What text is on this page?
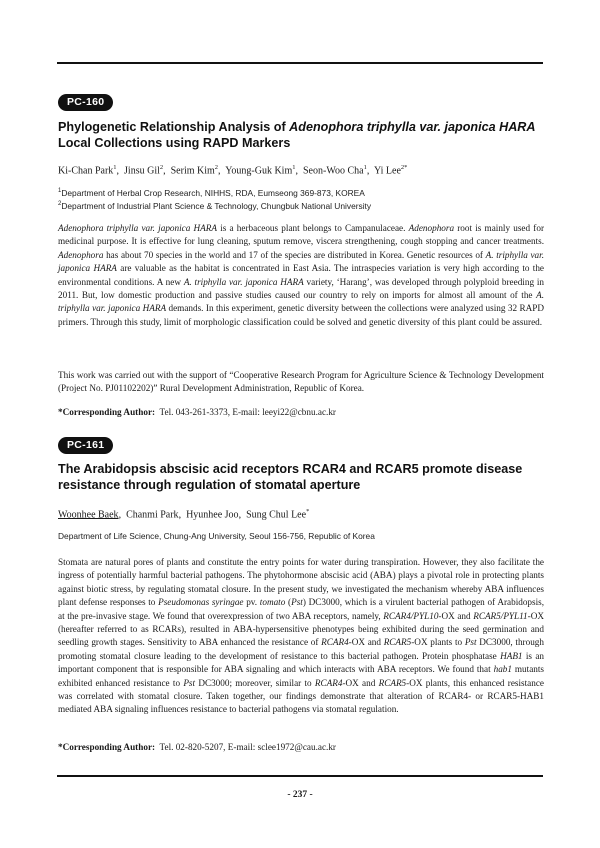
PC-160
Phylogenetic Relationship Analysis of Adenophora triphylla var. japonica HARA
Local Collections using RAPD Markers
Ki-Chan Park$^1$,  Jinsu Gil$^2$,  Serim Kim$^2$,  Young-Guk Kim$^1$,  Seon-Woo Cha$^1$,  Yi Lee$^{2*}$
$^1$Department of Herbal Crop Research, NIHHS, RDA, Eumseong 369-873, KOREA
$^2$Department of Industrial Plant Science & Technology, Chungbuk National University

Adenophora triphylla var. japonica HARA is a herbaceous plant belongs to Campanulaceae. Adenophora root is mainly used for medicinal purpose. It is effective for lung cleaning, sputum remove, viscera strengthening, cough stopping and cancer treatments. Adenophora has about 70 species in the world and 17 of the species are distributed in Korea. Genetic resources of A. triphylla var. japonica HARA are valuable as the habitat is concentrated in East Asia. The intraspecies variation is very high according to the environmental conditions. A new A. triphylla var. japonica HARA variety, ‘Harang’, was developed through polyploid breeding in 2011. But, low domestic production and passive studies caused our country to rely on imports for almost all amount of the A. triphylla var. japonica HARA demands. In this experiment, genetic diversity between the collections were analyzed using 32 RAPD primers. Through this study, limit of morphologic classification could be solved and genetic diversity of this plant could be assured.

This work was carried out with the support of “Cooperative Research Program for Agriculture Science & Technology Development (Project No. PJ01102202)” Rural Development Administration, Republic of Korea.

*Corresponding Author: Tel. 043-261-3373, E-mail: leeyi22@cbnu.ac.kr
PC-161
The Arabidopsis abscisic acid receptors RCAR4 and RCAR5 promote disease
resistance through regulation of stomatal aperture
Woonhee Baek,  Chanmi Park,  Hyunhee Joo,  Sung Chul Lee*
Department of Life Science, Chung-Ang University, Seoul 156-756, Republic of Korea

Stomata are natural pores of plants and constitute the entry points for water during transpiration. However, they also facilitate the ingress of potentially harmful bacterial pathogens. The phytohormone abscisic acid (ABA) plays a pivotal role in protecting plants against biotic stress, by regulating stomatal closure. In the present study, we investigated the mechanism whereby ABA influences plant defense responses to Pseudomonas syringae pv. tomato (Pst) DC3000, which is a virulent bacterial pathogen of Arabidopsis, at the pre-invasive stage. We found that overexpression of two ABA receptors, namely, RCAR4/PYL10-OX and RCAR5/PYL11-OX (hereafter referred to as RCARs), resulted in ABA-hypersensitive phenotypes being exhibited during the seed germination and seedling growth stages. Sensitivity to ABA enhanced the resistance of RCAR4-OX and RCAR5-OX plants to Pst DC3000, through promoting stomatal closure leading to the development of resistance to this bacterial pathogen. Protein phosphatase HAB1 is an important component that is responsible for ABA signaling and which interacts with ABA receptors. We found that hab1 mutants exhibited enhanced resistance to Pst DC3000; moreover, similar to RCAR4-OX and RCAR5-OX plants, this enhanced resistance was correlated with stomatal closure. Taken together, our findings demonstrate that alteration of RCAR4- or RCAR5-HAB1 mediated ABA signaling influences resistance to bacterial pathogens via stomatal regulation.

*Corresponding Author: Tel. 02-820-5207, E-mail: sclee1972@cau.ac.kr
- 237 -
